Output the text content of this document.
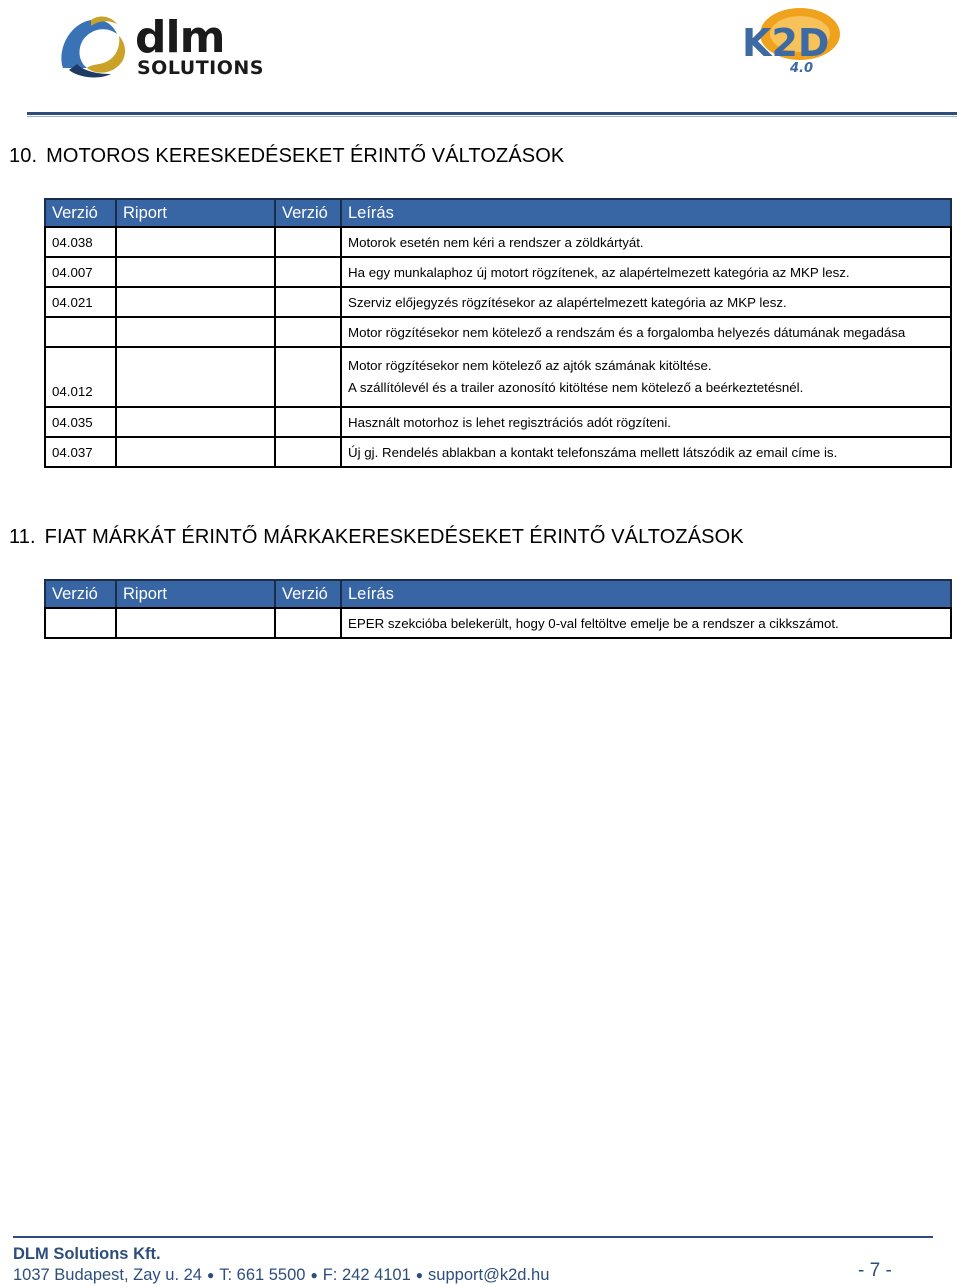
dlm
SOLUTIONS
K2D
4.0
10. MOTOROS KERESKEDÉSEKET ÉRINTŐ VÁLTOZÁSOK
Verzió	Riport	Verzió	Leírás
04.038			Motorok esetén nem kéri a rendszer a zöldkártyát.
04.007			Ha egy munkalaphoz új motort rögzítenek, az alapértelmezett kategória az MKP lesz.
04.021			Szerviz előjegyzés rögzítésekor az alapértelmezett kategória az MKP lesz.
			Motor rögzítésekor nem kötelező a rendszám és a forgalomba helyezés dátumának megadása
04.012			Motor rögzítésekor nem kötelező az ajtók számának kitöltése.
A szállítólevél és a trailer azonosító kitöltése nem kötelező a beérkeztetésnél.

04.035			Használt motorhoz is lehet regisztrációs adót rögzíteni.
04.037			Új gj. Rendelés ablakban a kontakt telefonszáma mellett látszódik az email címe is.
11. FIAT MÁRKÁT ÉRINTŐ MÁRKAKERESKEDÉSEKET ÉRINTŐ VÁLTOZÁSOK
Verzió	Riport	Verzió	Leírás
			EPER szekcióba belekerült, hogy 0-val feltöltve emelje be a rendszer a cikkszámot.
DLM Solutions Kft.
1037 Budapest, Zay u. 24 ● T: 661 5500 ● F: 242 4101 ● support@k2d.hu	- 7 -
